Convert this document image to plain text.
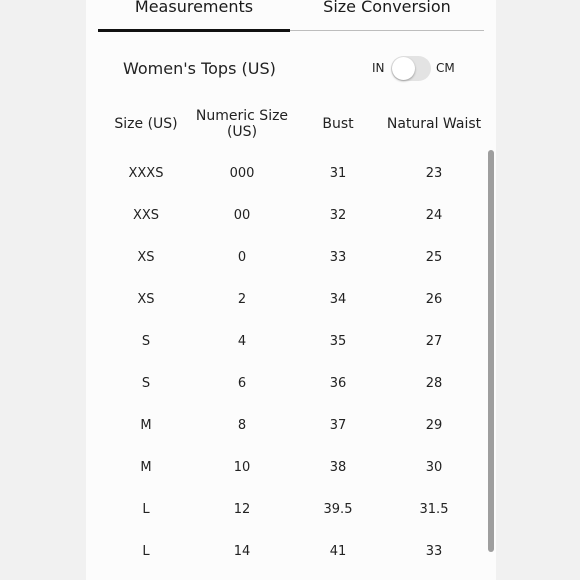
Measurements	Size Conversion
Women's Tops (US)	IN	CM
Size (US)	Numeric Size (US)	Bust	Natural Waist
XXXS	000	31	23
XXS	00	32	24
XS	0	33	25
XS	2	34	26
S	4	35	27
S	6	36	28
M	8	37	29
M	10	38	30
L	12	39.5	31.5
L	14	41	33
